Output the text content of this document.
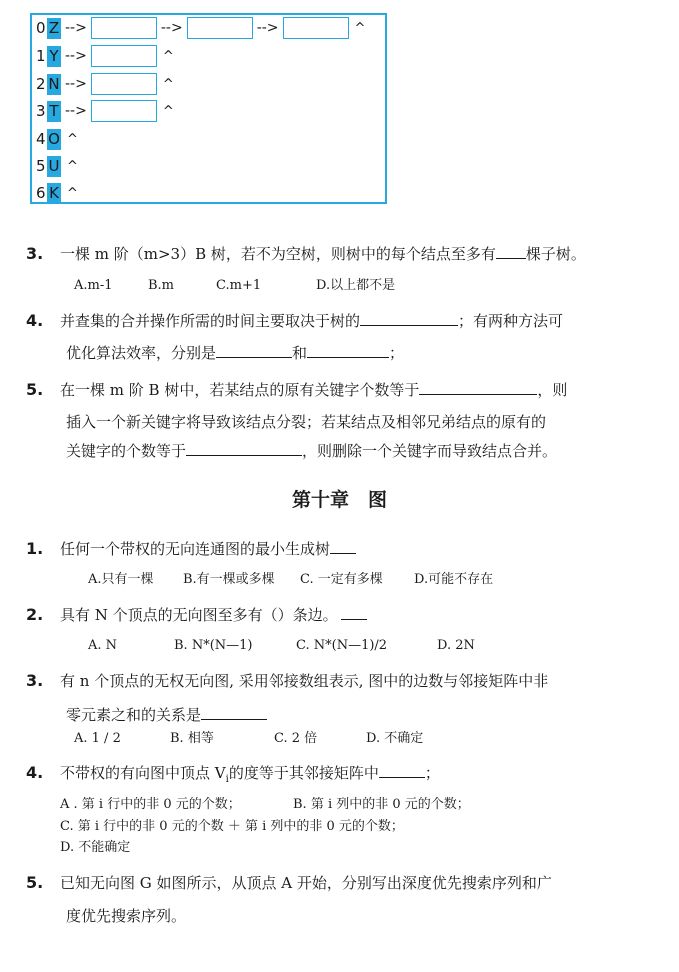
0 Z -->	-->	-->	^
1 Y -->	^
2 N -->	^
3 T -->	^
4 O ^
5 U ^
6 K ^
3. 一棵 m 阶（m>3）B 树，若不为空树，则树中的每个结点至多有 棵子树。
A.m-1	B.m	C.m+1	D.以上都不是
4. 并查集的合并操作所需的时间主要取决于树的	；有两种方法可
优化算法效率，分别是	和	；
5. 在一棵 m 阶 B 树中，若某结点的原有关键字个数等于	，则
插入一个新关键字将导致该结点分裂；若某结点及相邻兄弟结点的原有的
关键字的个数等于	，则删除一个关键字而导致结点合并。
第十章　图
1. 任何一个带权的无向连通图的最小生成树
A.只有一棵 B.有一棵或多棵 C. 一定有多棵 D.可能不存在
2. 具有 N 个顶点的无向图至多有（）条边。
A. N	B. N*(N—1)	C. N*(N—1)/2	D. 2N
3. 有 n 个顶点的无权无向图, 采用邻接数组表示, 图中的边数与邻接矩阵中非
零元素之和的关系是
A. 1 / 2	B. 相等	C. 2 倍	D. 不确定
4. 不带权的有向图中顶点 $V_i$的度等于其邻接矩阵中	；
A . 第 i 行中的非 0 元的个数；	B. 第 i 列中的非 0 元的个数；
C. 第 i 行中的非 0 元的个数 ＋ 第 i 列中的非 0 元的个数；
D. 不能确定
5. 已知无向图 G 如图所示，从顶点 A 开始，分别写出深度优先搜索序列和广
度优先搜索序列。
